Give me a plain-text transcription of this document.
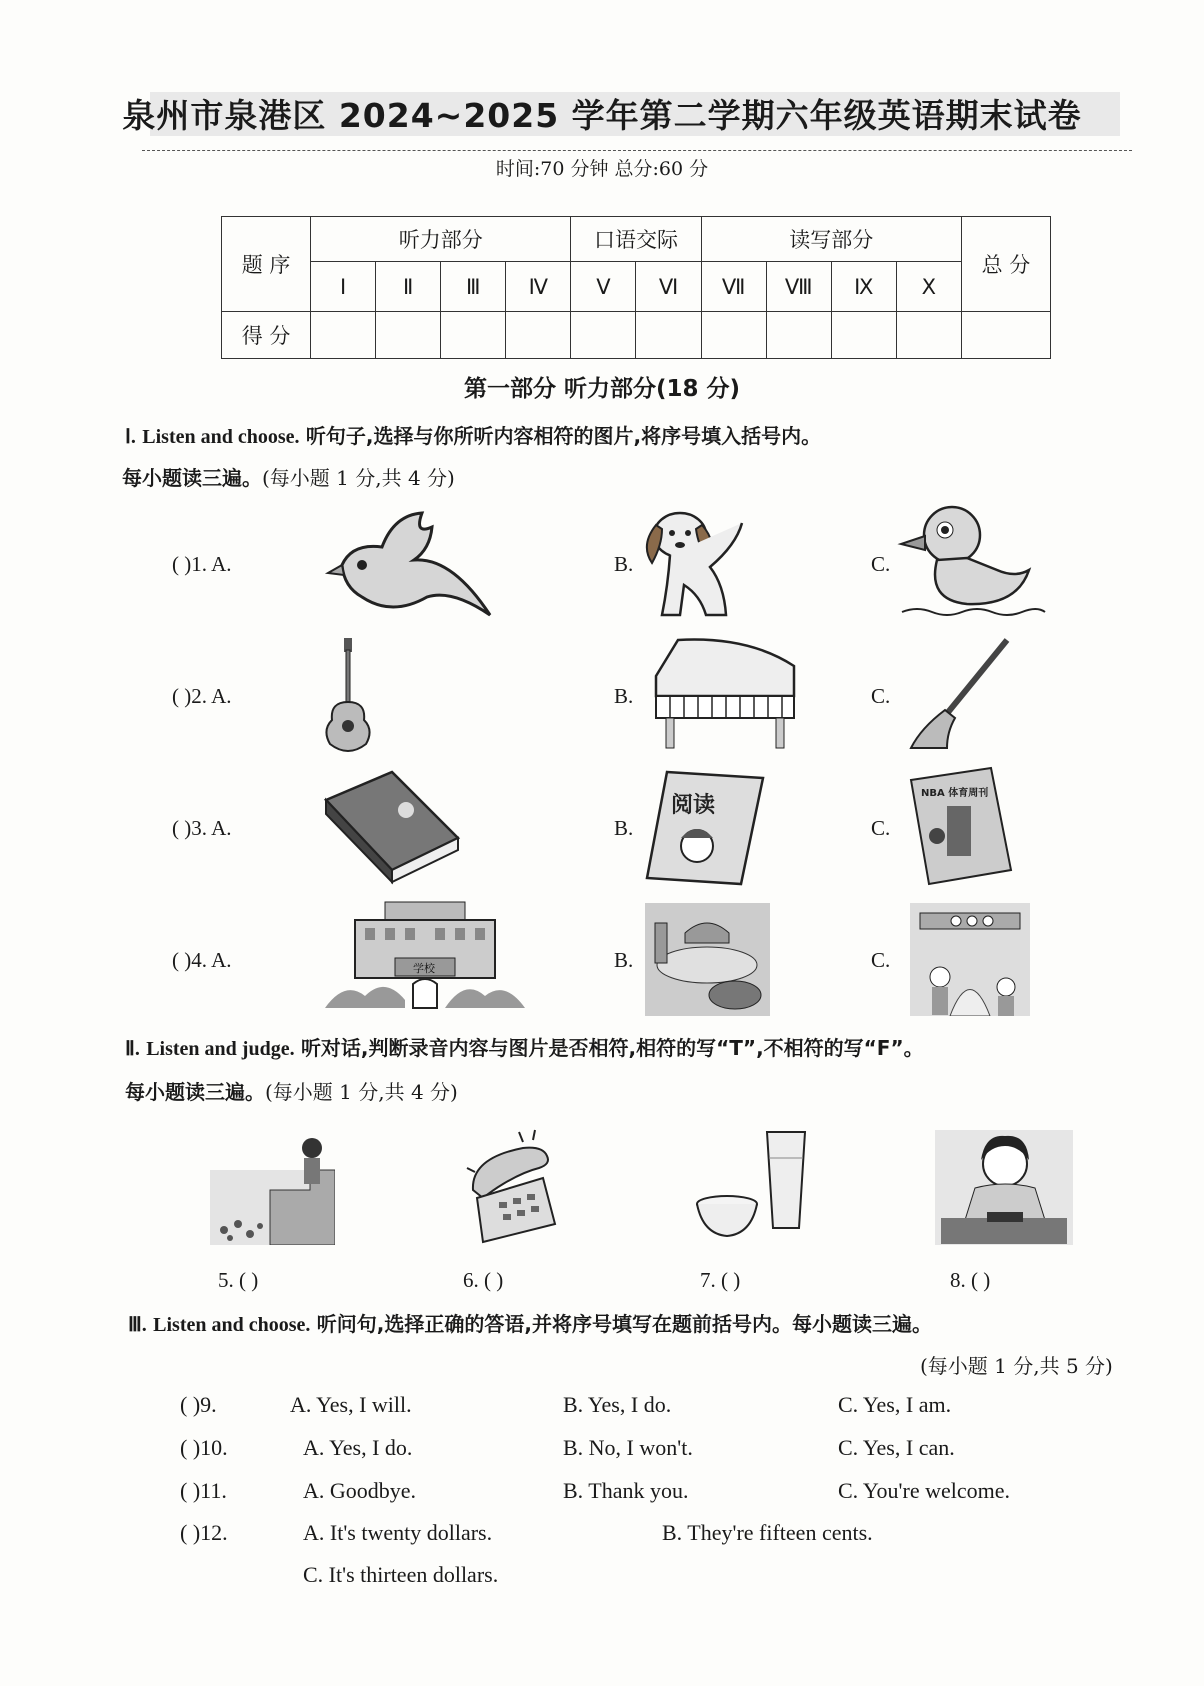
泉州市泉港区 2024~2025 学年第二学期六年级英语期末试卷
时间:70 分钟 总分:60 分
题 序	听力部分				口语交际		读写部分				总 分
	Ⅰ	Ⅱ	Ⅲ	Ⅳ	Ⅴ	Ⅵ	Ⅶ	Ⅷ	Ⅸ	Ⅹ	
得 分											
第一部分 听力部分(18 分)
Ⅰ. Listen and choose. 听句子,选择与你所听内容相符的图片,将序号填入括号内。
每小题读三遍。(每小题 1 分,共 4 分)
( )1. A.	B.	C.
( )2. A.	B.	C.
( )3. A.	B.	C.
( )4. A.	B.	C.
阅读	NBA 体育周刊
学校
Ⅱ. Listen and judge. 听对话,判断录音内容与图片是否相符,相符的写“T”,不相符的写“F”。
每小题读三遍。(每小题 1 分,共 4 分)
5. ( )	6. ( )	7. ( )	8. ( )
Ⅲ. Listen and choose. 听问句,选择正确的答语,并将序号填写在题前括号内。每小题读三遍。
(每小题 1 分,共 5 分)
( )9.	A. Yes, I will.	B. Yes, I do.	C. Yes, I am.
( )10.	A. Yes, I do.	B. No, I won't.	C. Yes, I can.
( )11.	A. Goodbye.	B. Thank you.	C. You're welcome.
( )12.	A. It's twenty dollars.	B. They're fifteen cents.
C. It's thirteen dollars.
